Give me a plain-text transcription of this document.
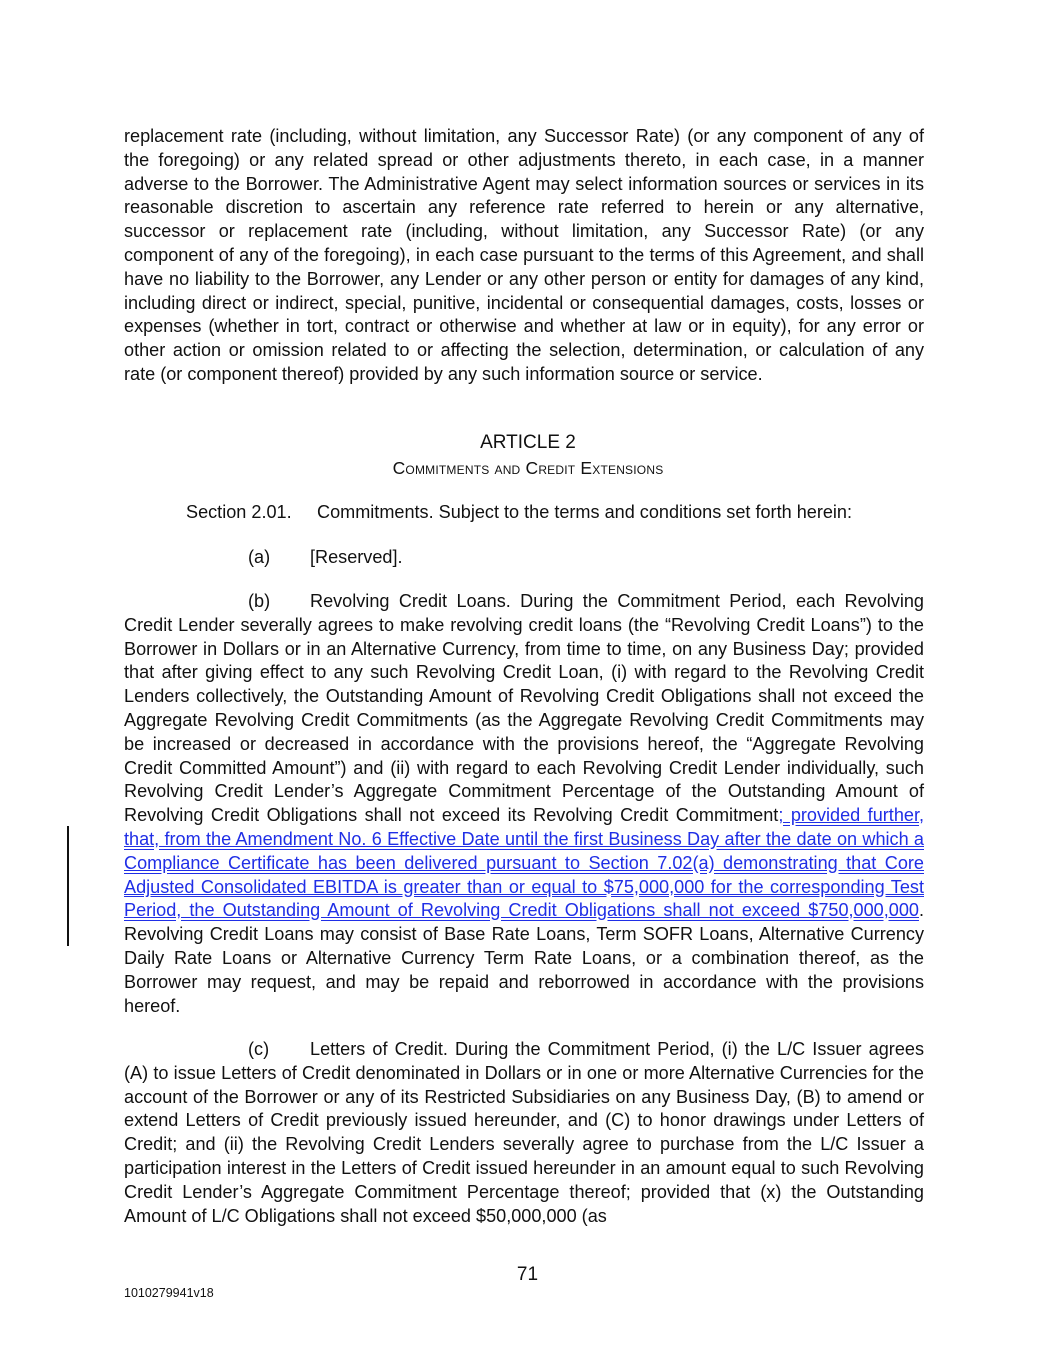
replacement rate (including, without limitation, any Successor Rate) (or any component of any of the foregoing) or any related spread or other adjustments thereto, in each case, in a manner adverse to the Borrower. The Administrative Agent may select information sources or services in its reasonable discretion to ascertain any reference rate referred to herein or any alternative, successor or replacement rate (including, without limitation, any Successor Rate) (or any component of any of the foregoing), in each case pursuant to the terms of this Agreement, and shall have no liability to the Borrower, any Lender or any other person or entity for damages of any kind, including direct or indirect, special, punitive, incidental or consequential damages, costs, losses or expenses (whether in tort, contract or otherwise and whether at law or in equity), for any error or other action or omission related to or affecting the selection, determination, or calculation of any rate (or component thereof) provided by any such information source or service.
ARTICLE 2
Commitments and Credit Extensions
Section 2.01. Commitments. Subject to the terms and conditions set forth herein:
(a) [Reserved].
(b) Revolving Credit Loans. During the Commitment Period, each Revolving Credit Lender severally agrees to make revolving credit loans (the “Revolving Credit Loans”) to the Borrower in Dollars or in an Alternative Currency, from time to time, on any Business Day; provided that after giving effect to any such Revolving Credit Loan, (i) with regard to the Revolving Credit Lenders collectively, the Outstanding Amount of Revolving Credit Obligations shall not exceed the Aggregate Revolving Credit Commitments (as the Aggregate Revolving Credit Commitments may be increased or decreased in accordance with the provisions hereof, the “Aggregate Revolving Credit Committed Amount”) and (ii) with regard to each Revolving Credit Lender individually, such Revolving Credit Lender’s Aggregate Commitment Percentage of the Outstanding Amount of Revolving Credit Obligations shall not exceed its Revolving Credit Commitment; provided further, that, from the Amendment No. 6 Effective Date until the first Business Day after the date on which a Compliance Certificate has been delivered pursuant to Section 7.02(a) demonstrating that Core Adjusted Consolidated EBITDA is greater than or equal to $75,000,000 for the corresponding Test Period, the Outstanding Amount of Revolving Credit Obligations shall not exceed $750,000,000. Revolving Credit Loans may consist of Base Rate Loans, Term SOFR Loans, Alternative Currency Daily Rate Loans or Alternative Currency Term Rate Loans, or a combination thereof, as the Borrower may request, and may be repaid and reborrowed in accordance with the provisions hereof.
(c) Letters of Credit. During the Commitment Period, (i) the L/C Issuer agrees (A) to issue Letters of Credit denominated in Dollars or in one or more Alternative Currencies for the account of the Borrower or any of its Restricted Subsidiaries on any Business Day, (B) to amend or extend Letters of Credit previously issued hereunder, and (C) to honor drawings under Letters of Credit; and (ii) the Revolving Credit Lenders severally agree to purchase from the L/C Issuer a participation interest in the Letters of Credit issued hereunder in an amount equal to such Revolving Credit Lender’s Aggregate Commitment Percentage thereof; provided that (x) the Outstanding Amount of L/C Obligations shall not exceed $50,000,000 (as
71
1010279941v18
